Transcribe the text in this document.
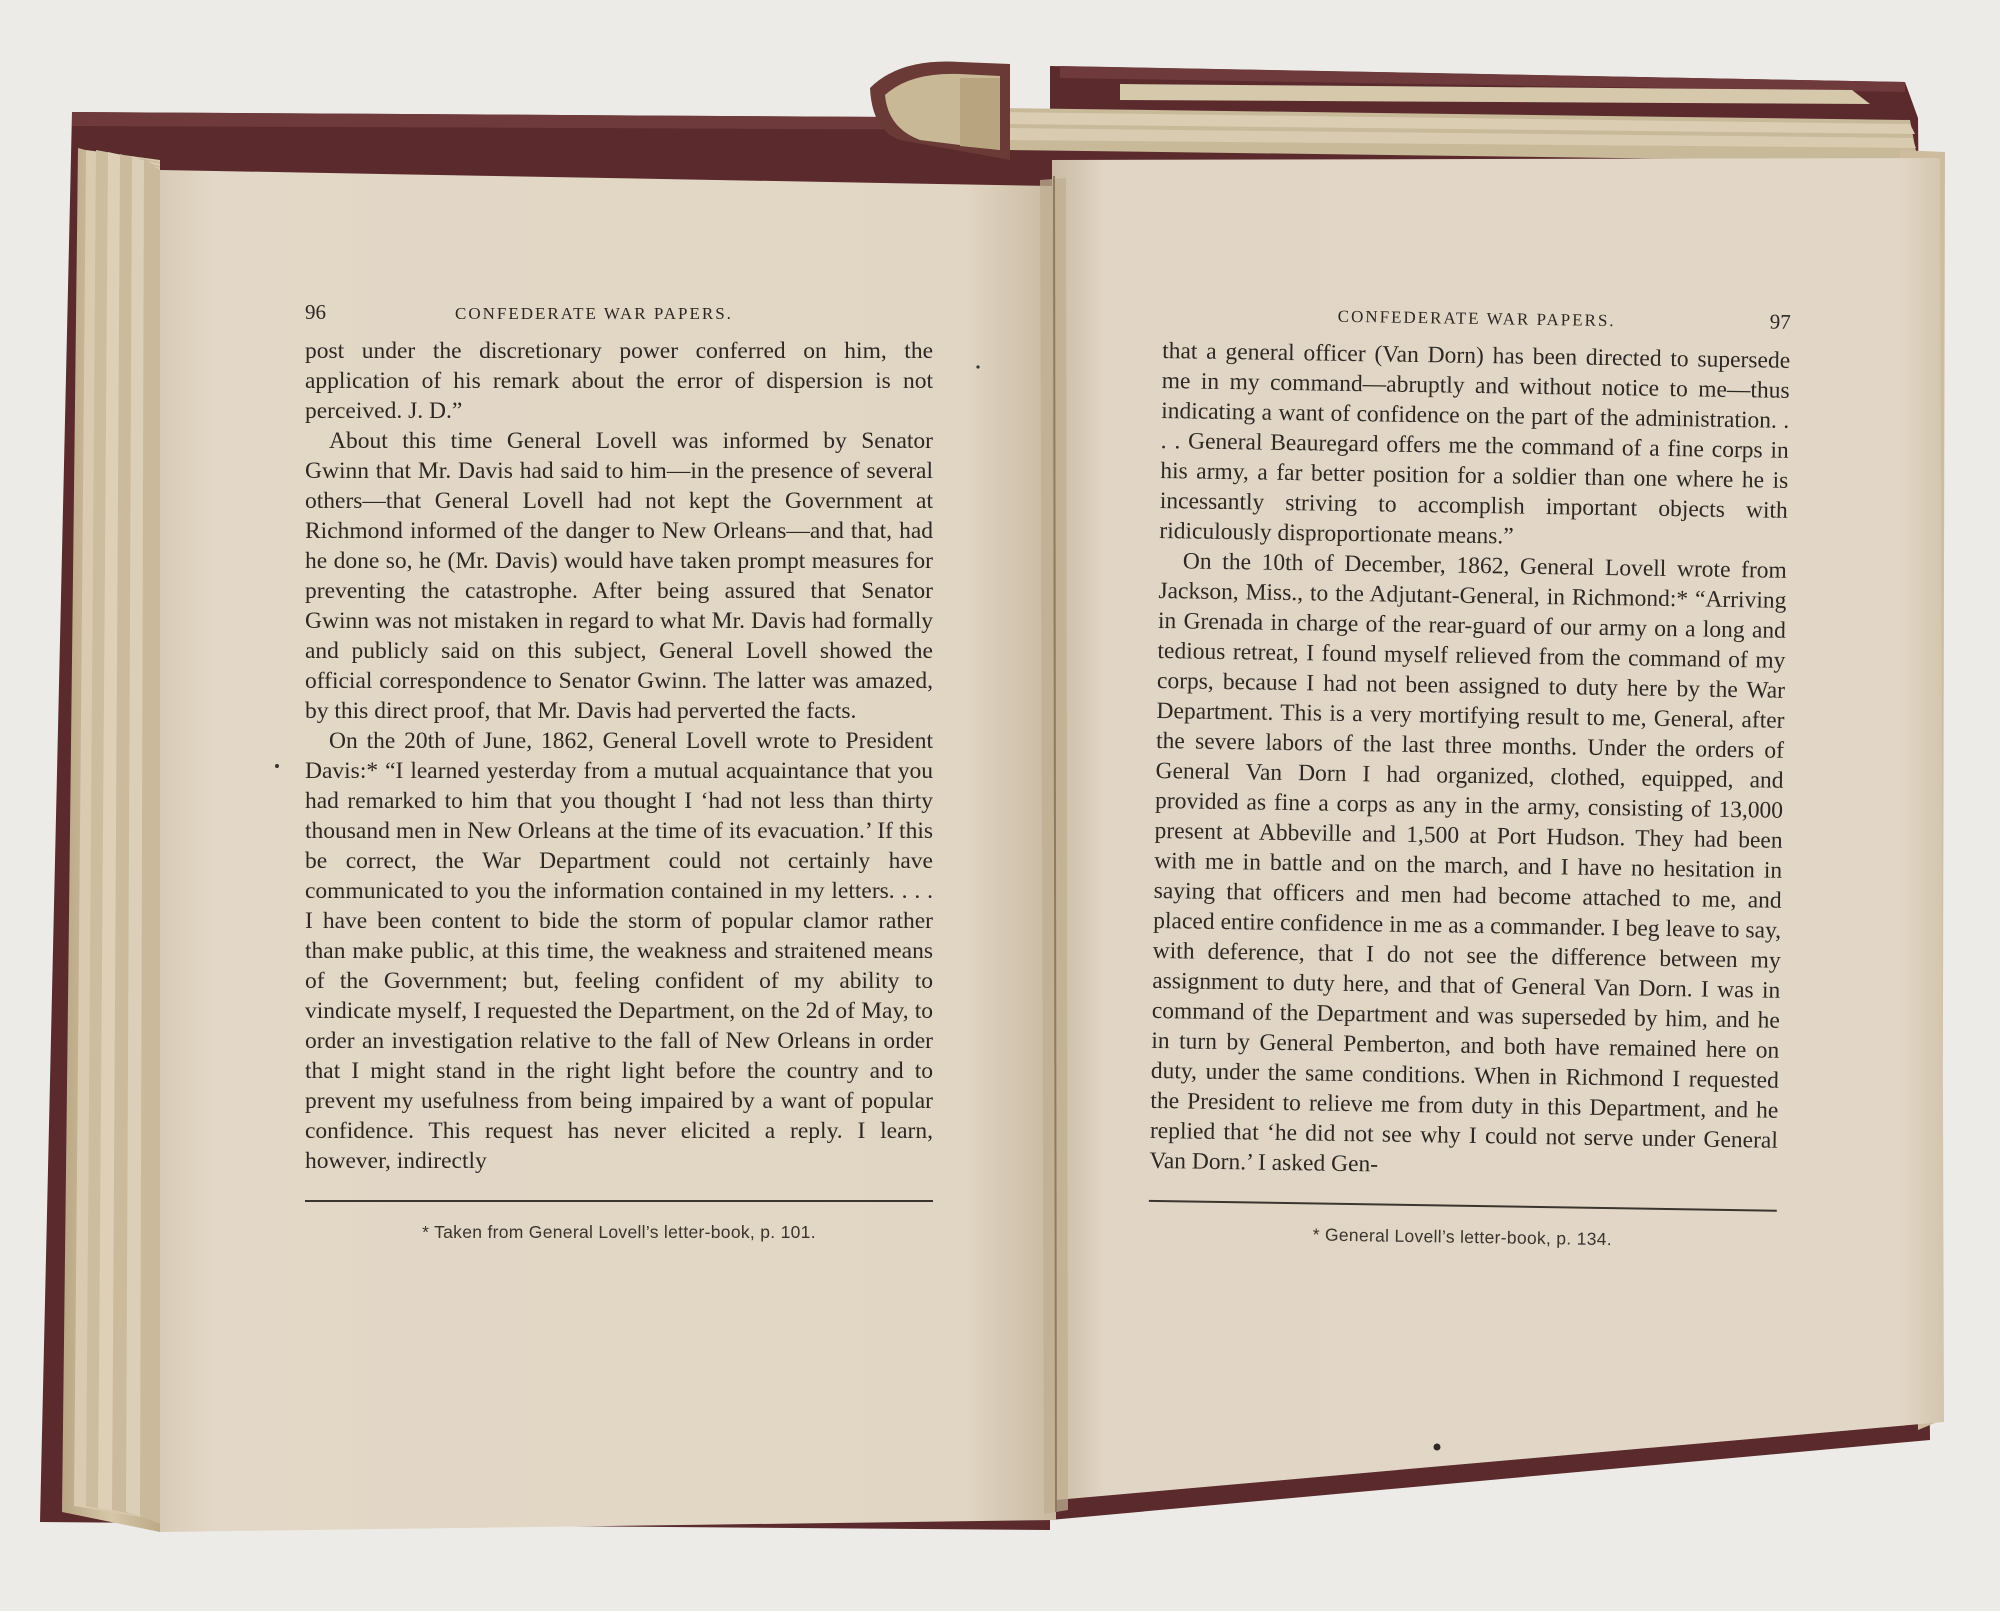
96	CONFEDERATE WAR PAPERS.

post under the discretionary power conferred on him, the application of his remark about the error of dispersion is not perceived. J. D.”

About this time General Lovell was informed by Senator Gwinn that Mr. Davis had said to him—in the presence of several others—that General Lovell had not kept the Government at Richmond informed of the danger to New Orleans—and that, had he done so, he (Mr. Davis) would have taken prompt measures for preventing the catastrophe. After being assured that Senator Gwinn was not mistaken in regard to what Mr. Davis had formally and publicly said on this subject, General Lovell showed the official correspondence to Senator Gwinn. The latter was amazed, by this direct proof, that Mr. Davis had perverted the facts.

On the 20th of June, 1862, General Lovell wrote to President Davis:* “I learned yesterday from a mutual acquaintance that you had remarked to him that you thought I ‘had not less than thirty thousand men in New Orleans at the time of its evacuation.’ If this be correct, the War Department could not certainly have communicated to you the information contained in my letters. . . . I have been content to bide the storm of popular clamor rather than make public, at this time, the weakness and straitened means of the Government; but, feeling confident of my ability to vindicate myself, I requested the Department, on the 2d of May, to order an investigation relative to the fall of New Orleans in order that I might stand in the right light before the country and to prevent my usefulness from being impaired by a want of popular confidence. This request has never elicited a reply. I learn, however, indirectly

* Taken from General Lovell’s letter-book, p. 101.
CONFEDERATE WAR PAPERS.	97

that a general officer (Van Dorn) has been directed to supersede me in my command—abruptly and without notice to me—thus indicating a want of confidence on the part of the administration. . . . General Beauregard offers me the command of a fine corps in his army, a far better position for a soldier than one where he is incessantly striving to accomplish important objects with ridiculously disproportionate means.”

On the 10th of December, 1862, General Lovell wrote from Jackson, Miss., to the Adjutant-General, in Richmond:* “Arriving in Grenada in charge of the rear-guard of our army on a long and tedious retreat, I found myself relieved from the command of my corps, because I had not been assigned to duty here by the War Department. This is a very mortifying result to me, General, after the severe labors of the last three months. Under the orders of General Van Dorn I had organized, clothed, equipped, and provided as fine a corps as any in the army, consisting of 13,000 present at Abbeville and 1,500 at Port Hudson. They had been with me in battle and on the march, and I have no hesitation in saying that officers and men had become attached to me, and placed entire confidence in me as a commander. I beg leave to say, with deference, that I do not see the difference between my assignment to duty here, and that of General Van Dorn. I was in command of the Department and was superseded by him, and he in turn by General Pemberton, and both have remained here on duty, under the same conditions. When in Richmond I requested the President to relieve me from duty in this Department, and he replied that ‘he did not see why I could not serve under General Van Dorn.’ I asked Gen-

* General Lovell’s letter-book, p. 134.
